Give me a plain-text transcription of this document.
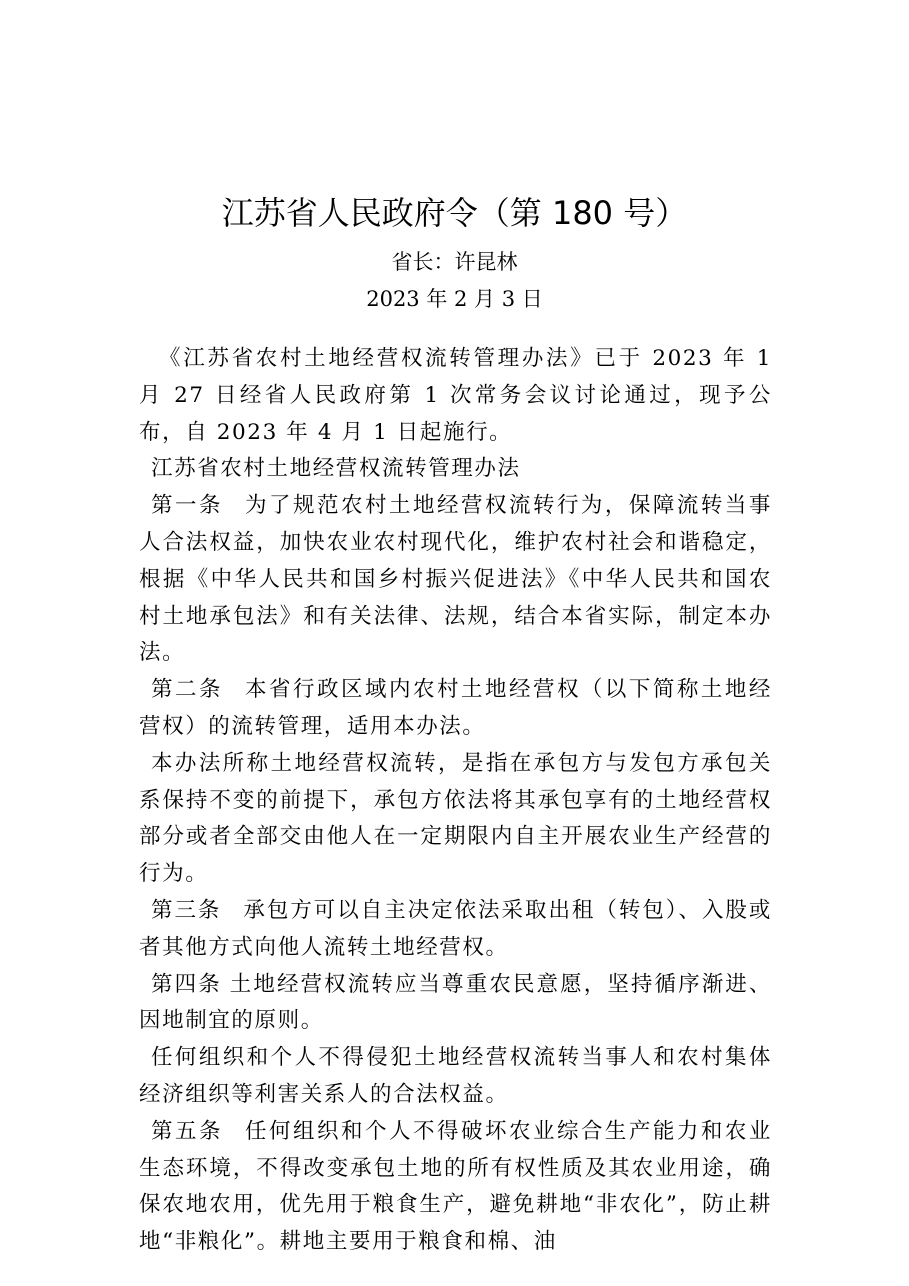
江苏省人民政府令（第 180 号）
省长：许昆林
2023 年 2 月 3 日

《江苏省农村土地经营权流转管理办法》已于 2023 年 1 月 27 日经省人民政府第 1 次常务会议讨论通过，现予公布，自 2023 年 4 月 1 日起施行。

江苏省农村土地经营权流转管理办法

第一条 为了规范农村土地经营权流转行为，保障流转当事人合法权益，加快农业农村现代化，维护农村社会和谐稳定，根据《中华人民共和国乡村振兴促进法》《中华人民共和国农村土地承包法》和有关法律、法规，结合本省实际，制定本办法。

第二条 本省行政区域内农村土地经营权（以下简称土地经营权）的流转管理，适用本办法。

本办法所称土地经营权流转，是指在承包方与发包方承包关系保持不变的前提下，承包方依法将其承包享有的土地经营权部分或者全部交由他人在一定期限内自主开展农业生产经营的行为。

第三条 承包方可以自主决定依法采取出租（转包）、入股或者其他方式向他人流转土地经营权。

第四条 土地经营权流转应当尊重农民意愿，坚持循序渐进、因地制宜的原则。

任何组织和个人不得侵犯土地经营权流转当事人和农村集体经济组织等利害关系人的合法权益。

第五条 任何组织和个人不得破坏农业综合生产能力和农业生态环境，不得改变承包土地的所有权性质及其农业用途，确保农地农用，优先用于粮食生产，避免耕地“非农化”，防止耕地“非粮化”。耕地主要用于粮食和棉、油
